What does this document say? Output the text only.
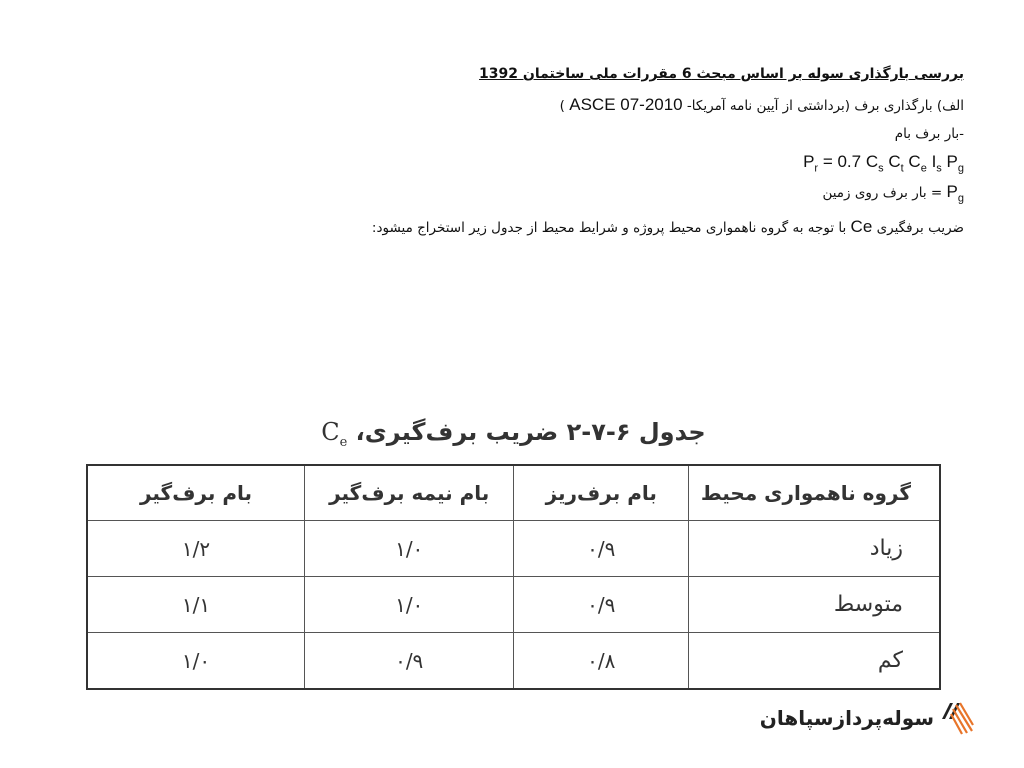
بررسی بارگذاری سوله بر اساس مبحث 6 مقررات ملی ساختمان 1392
الف) بارگذاری برف (برداشتی از آیین نامه آمریکا- ASCE 07-2010 )
-بار برف بام
$P_r = 0.7$ $C_s$ $C_t$ $C_e$ $I_s$ $P_g$
$P_g$ = بار برف روی زمین
ضریب برفگیری Ce با توجه به گروه ناهمواری محیط پروژه و شرایط محیط از جدول زیر استخراج میشود:
جدول ۶-۷-۲ ضریب برف‌گیری، $C_e$
گروه ناهمواری محیط	بام برف‌ریز	بام نیمه برف‌گیر	بام برف‌گیر
زیاد	۰/۹	۱/۰	۱/۲
متوسط	۰/۹	۱/۰	۱/۱
کم	۰/۸	۰/۹	۱/۰
سوله‌پردازسپاهان
